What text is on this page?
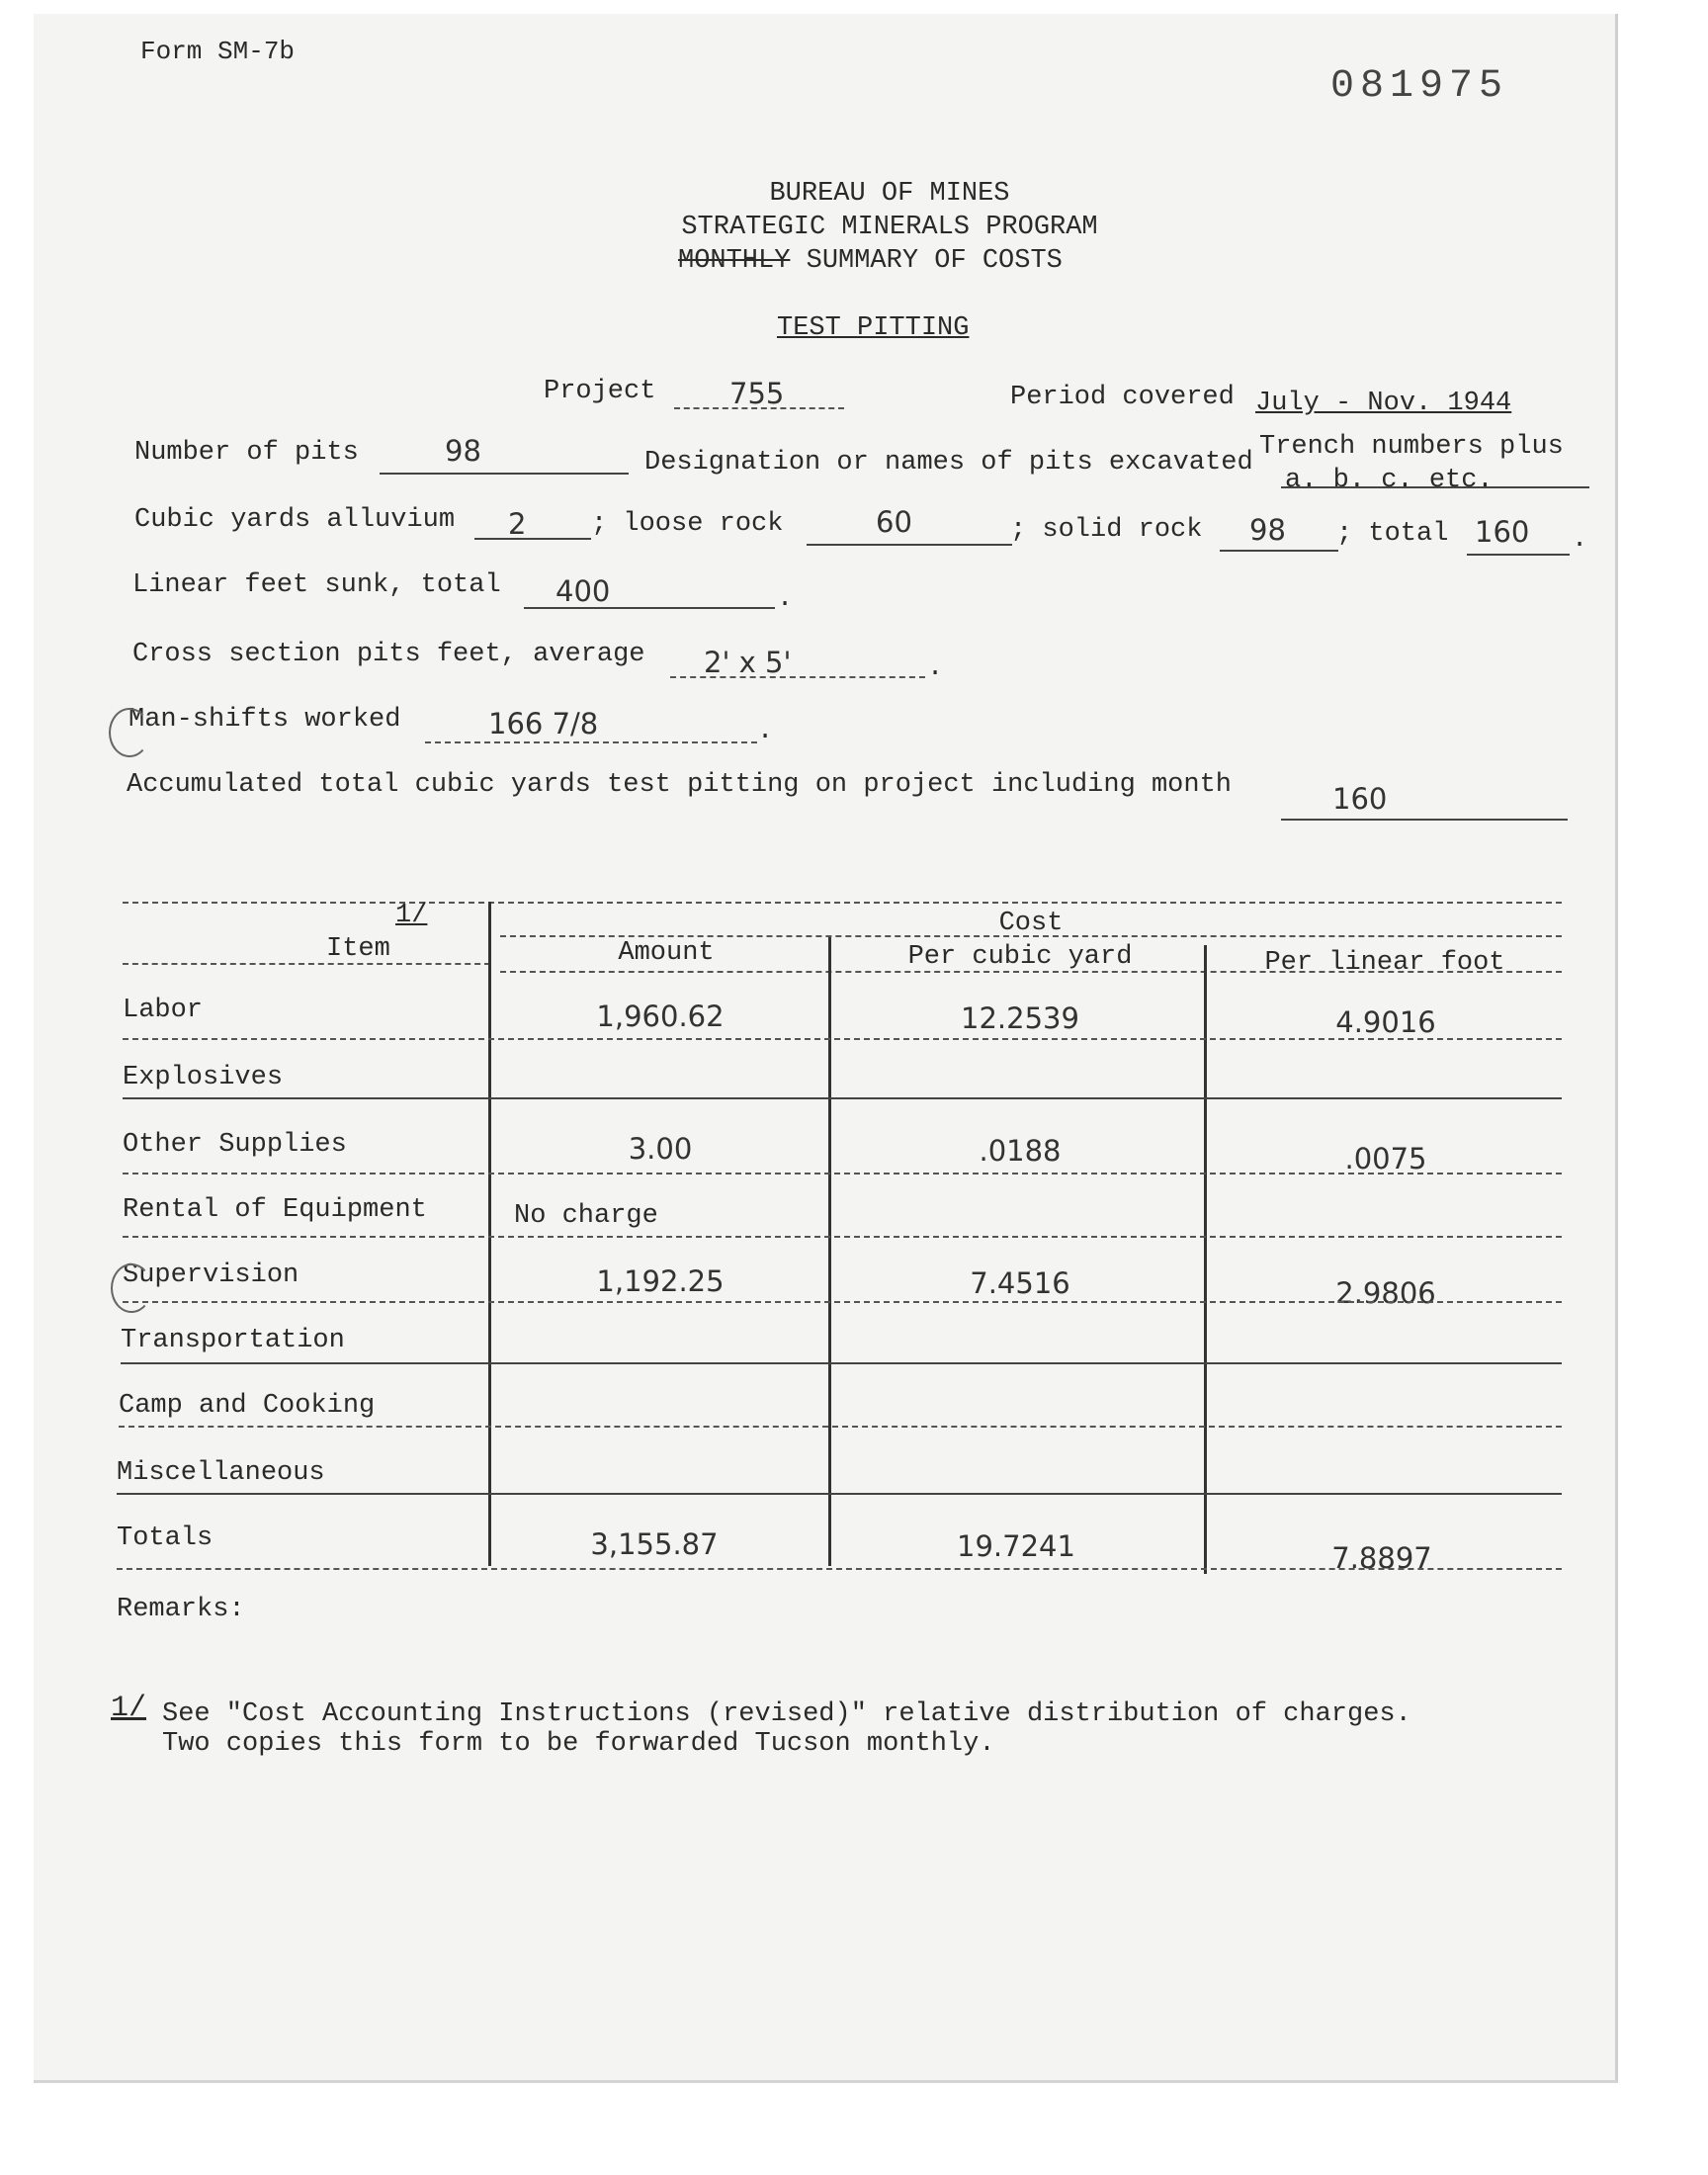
Form SM-7b
081975
BUREAU OF MINES
STRATEGIC MINERALS PROGRAM
MONTHLY SUMMARY OF COSTS
TEST PITTING
Project	755	Period covered July - Nov. 1944
Number of pits	98	Designation or names of pits excavated
Trench numbers plus
a. b. c. etc.
Cubic yards alluvium 2 ; loose rock	60	; solid rock 98 ; total 160 .
Linear feet sunk, total 400	.
Cross section pits feet, average 2' x 5'	.
Man-shifts worked	166 7/8	.
Accumulated total cubic yards test pitting on project including month	160
1/
Item
Cost
Amount	Per cubic yard	Per linear foot
Labor	1,960.62	12.2539	4.9016
Explosives
Other Supplies	3.00	.0188	.0075
Rental of Equipment	No charge
Supervision	1,192.25	7.4516	2.9806
Transportation
Camp and Cooking
Miscellaneous
Totals	3,155.87	19.7241	7.8897
Remarks:
1/ See "Cost Accounting Instructions (revised)" relative distribution of charges.
Two copies this form to be forwarded Tucson monthly.
